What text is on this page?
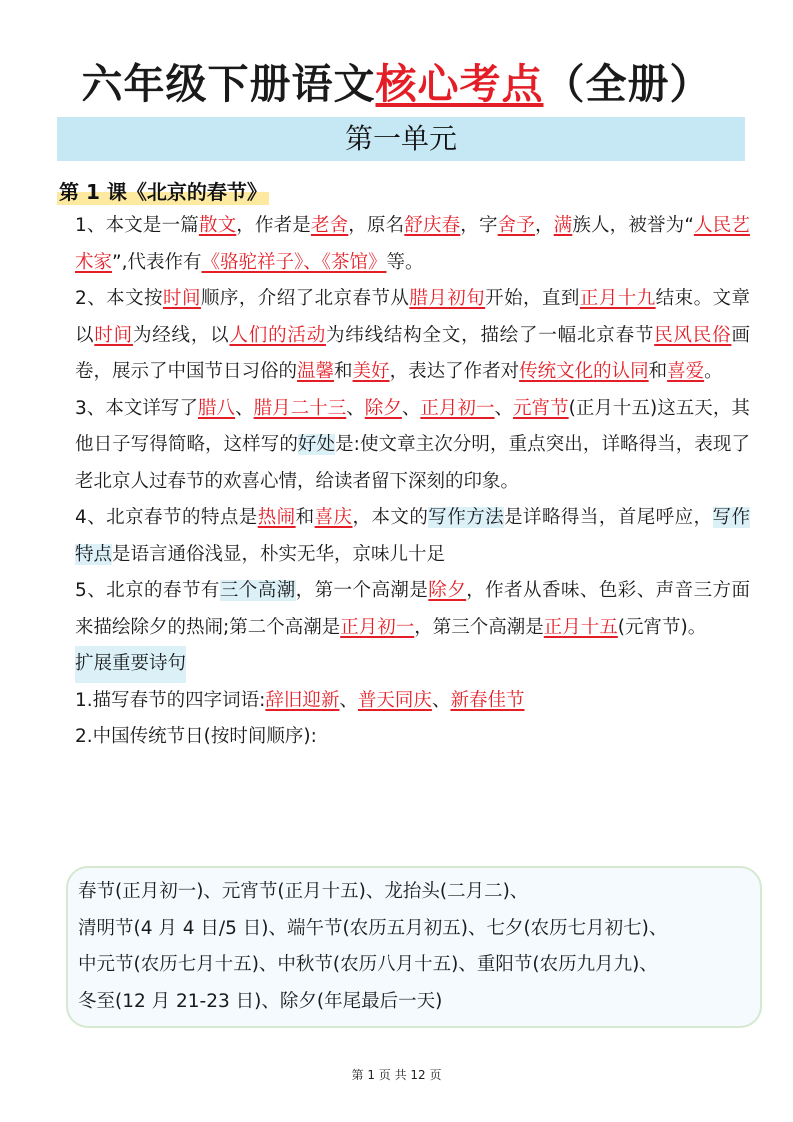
六年级下册语文核心考点（全册）
第一单元
第 1 课《北京的春节》

1、本文是一篇散文，作者是老舍，原名舒庆春，字舍予，满族人，被誉为“人民艺术家”,代表作有《骆驼祥子》、《茶馆》等。

2、本文按时间顺序，介绍了北京春节从腊月初旬开始，直到正月十九结束。文章以时间为经线，以人们的活动为纬线结构全文，描绘了一幅北京春节民风民俗画卷，展示了中国节日习俗的温馨和美好，表达了作者对传统文化的认同和喜爱。

3、本文详写了腊八、腊月二十三、除夕、正月初一、元宵节(正月十五)这五天，其他日子写得简略，这样写的好处是:使文章主次分明，重点突出，详略得当，表现了老北京人过春节的欢喜心情，给读者留下深刻的印象。

4、北京春节的特点是热闹和喜庆，本文的写作方法是详略得当，首尾呼应，写作特点是语言通俗浅显，朴实无华，京味儿十足

5、北京的春节有三个高潮，第一个高潮是除夕，作者从香味、色彩、声音三方面来描绘除夕的热闹;第二个高潮是正月初一，第三个高潮是正月十五(元宵节)。

扩展重要诗句

1.描写春节的四字词语:辞旧迎新、普天同庆、新春佳节

2.中国传统节日(按时间顺序):

春节(正月初一)、元宵节(正月十五)、龙抬头(二月二)、
清明节(4 月 4 日/5 日)、端午节(农历五月初五)、七夕(农历七月初七)、
中元节(农历七月十五)、中秋节(农历八月十五)、重阳节(农历九月九)、
冬至(12 月 21-23 日)、除夕(年尾最后一天)
第 1 页 共 12 页
